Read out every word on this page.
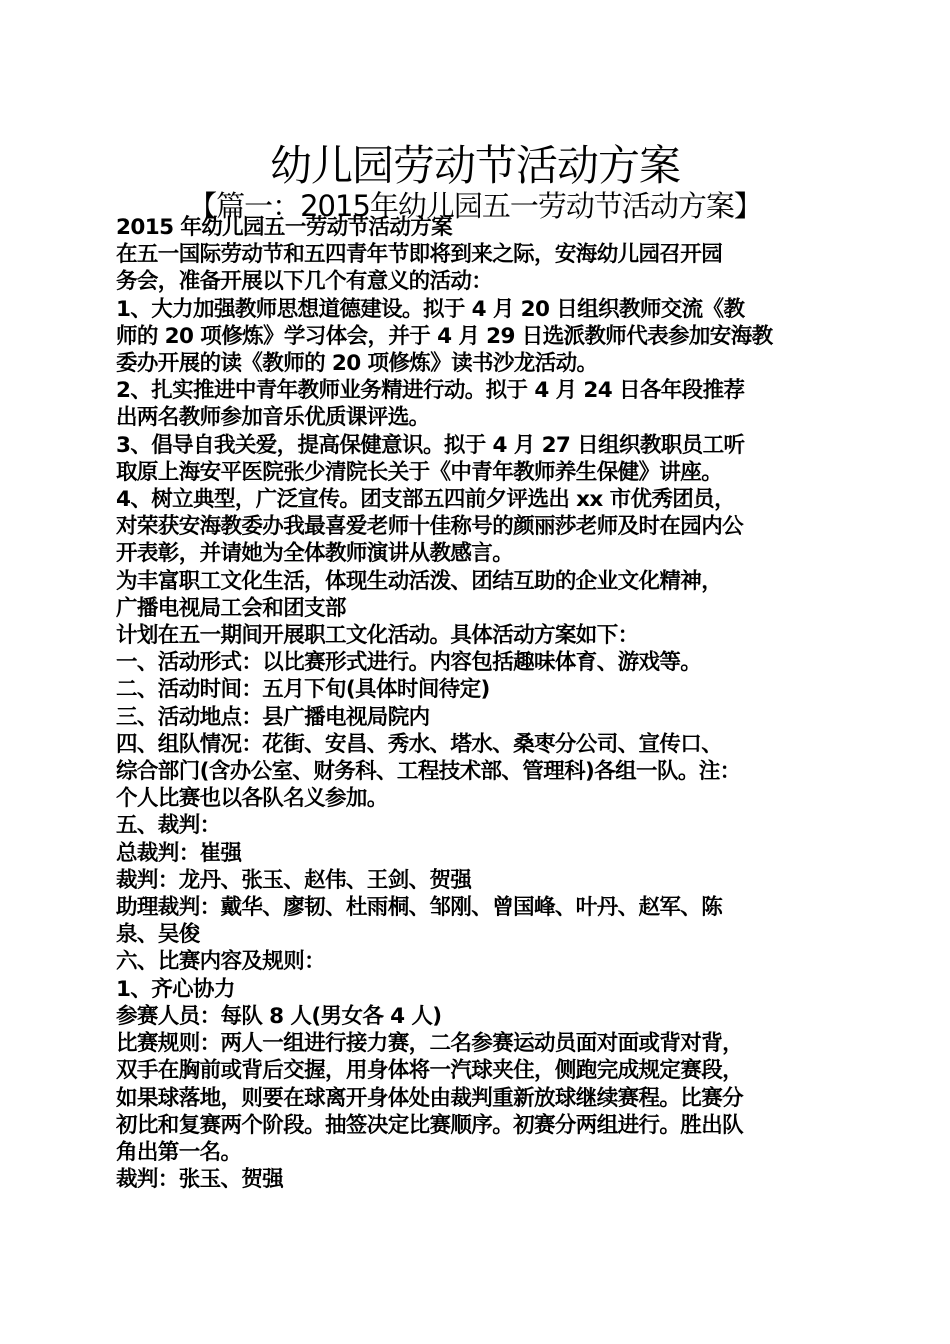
幼儿园劳动节活动方案
【篇一：2015年幼儿园五一劳动节活动方案】

2015 年幼儿园五一劳动节活动方案

在五一国际劳动节和五四青年节即将到来之际，安海幼儿园召开园

务会，准备开展以下几个有意义的活动：

1、大力加强教师思想道德建设。拟于 4 月 20 日组织教师交流《教

师的 20 项修炼》学习体会，并于 4 月 29 日选派教师代表参加安海教

委办开展的读《教师的 20 项修炼》读书沙龙活动。

2、扎实推进中青年教师业务精进行动。拟于 4 月 24 日各年段推荐

出两名教师参加音乐优质课评选。

3、倡导自我关爱，提高保健意识。拟于 4 月 27 日组织教职员工听

取原上海安平医院张少清院长关于《中青年教师养生保健》讲座。

4、树立典型，广泛宣传。团支部五四前夕评选出 xx 市优秀团员，

对荣获安海教委办我最喜爱老师十佳称号的颜丽莎老师及时在园内公

开表彰，并请她为全体教师演讲从教感言。

为丰富职工文化生活，体现生动活泼、团结互助的企业文化精神，

广播电视局工会和团支部

计划在五一期间开展职工文化活动。具体活动方案如下：

一、活动形式：以比赛形式进行。内容包括趣味体育、游戏等。

二、活动时间：五月下旬(具体时间待定)

三、活动地点：县广播电视局院内

四、组队情况：花街、安昌、秀水、塔水、桑枣分公司、宣传口、

综合部门(含办公室、财务科、工程技术部、管理科)各组一队。注：

个人比赛也以各队名义参加。

五、裁判：

总裁判：崔强

裁判：龙丹、张玉、赵伟、王剑、贺强

助理裁判：戴华、廖韧、杜雨桐、邹刚、曾国峰、叶丹、赵军、陈

泉、吴俊

六、比赛内容及规则：

1、齐心协力

参赛人员：每队 8 人(男女各 4 人)

比赛规则：两人一组进行接力赛，二名参赛运动员面对面或背对背，

双手在胸前或背后交握，用身体将一汽球夹住，侧跑完成规定赛段，

如果球落地，则要在球离开身体处由裁判重新放球继续赛程。比赛分

初比和复赛两个阶段。抽签决定比赛顺序。初赛分两组进行。胜出队

角出第一名。

裁判：张玉、贺强
